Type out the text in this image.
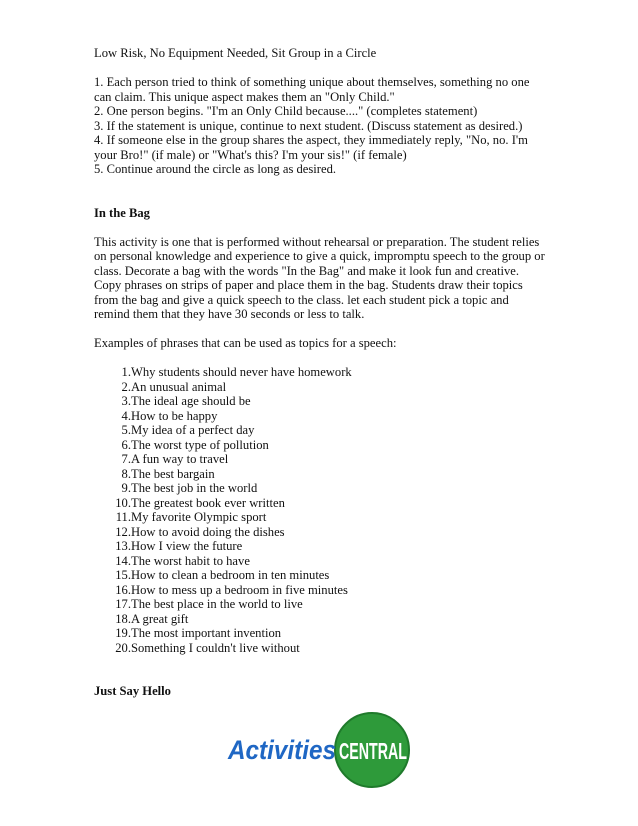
Low Risk, No Equipment Needed, Sit Group in a Circle

1. Each person tried to think of something unique about themselves, something no one

can claim. This unique aspect makes them an "Only Child."

2. One person begins. "I'm an Only Child because...." (completes statement)

3. If the statement is unique, continue to next student. (Discuss statement as desired.)

4. If someone else in the group shares the aspect, they immediately reply, "No, no. I'm

your Bro!" (if male) or "What's this? I'm your sis!" (if female)

5. Continue around the circle as long as desired.

In the Bag

This activity is one that is performed without rehearsal or preparation. The student relies

on personal knowledge and experience to give a quick, impromptu speech to the group or

class. Decorate a bag with the words "In the Bag" and make it look fun and creative.

Copy phrases on strips of paper and place them in the bag. Students draw their topics

from the bag and give a quick speech to the class. let each student pick a topic and

remind them that they have 30 seconds or less to talk.

Examples of phrases that can be used as topics for a speech:

1. Why students should never have homework
2. An unusual animal
3. The ideal age should be
4. How to be happy
5. My idea of a perfect day
6. The worst type of pollution
7. A fun way to travel
8. The best bargain
9. The best job in the world
10. The greatest book ever written
11. My favorite Olympic sport
12. How to avoid doing the dishes
13. How I view the future
14. The worst habit to have
15. How to clean a bedroom in ten minutes
16. How to mess up a bedroom in five minutes
17. The best place in the world to live
18. A great gift
19. The most important invention
20. Something I couldn't live without

Just Say Hello

Activities CENTRAL
